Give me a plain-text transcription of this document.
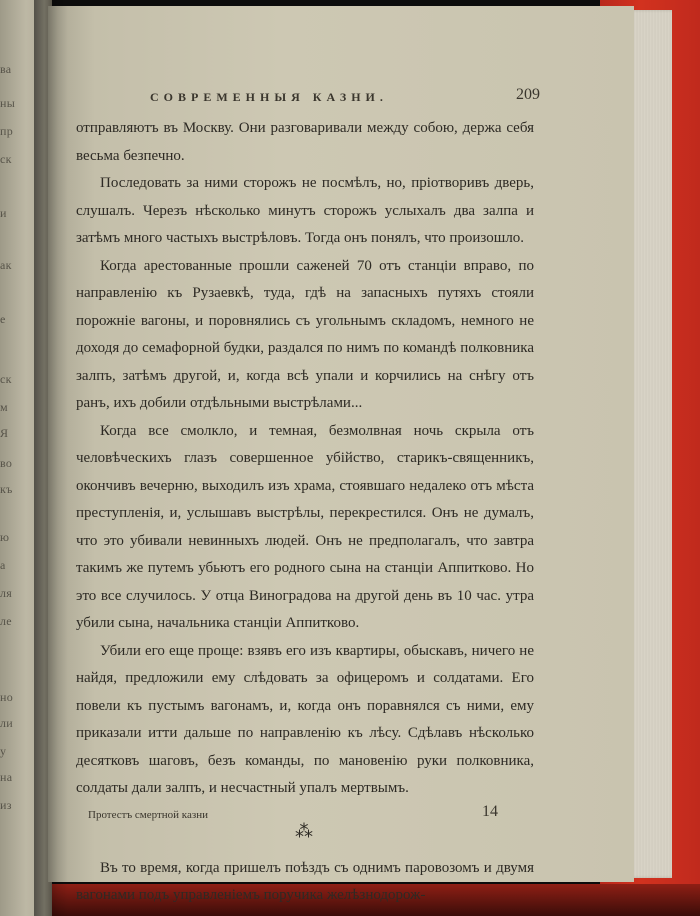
ва
ны
пр
ск
и
ак
е
ск
м
Я
во
къ
ю
а
ля
ле
но
ли
у
на
из
СОВРЕМЕННЫЯ КАЗНИ.	209

отправляютъ въ Москву. Они разговаривали между собою, держа себя весьма безпечно.

Последовать за ними сторожъ не посмѣлъ, но, пріотворивъ дверь, слушалъ. Черезъ нѣсколько минутъ сторожъ услыхалъ два залпа и затѣмъ много частыхъ выстрѣловъ. Тогда онъ понялъ, что произошло.

Когда арестованные прошли саженей 70 отъ станціи вправо, по направленію къ Рузаевкѣ, туда, гдѣ на запасныхъ путяхъ стояли порожніе вагоны, и поровнялись съ угольнымъ складомъ, немного не доходя до семафорной будки, раздался по нимъ по командѣ полковника залпъ, затѣмъ другой, и, когда всѣ упали и корчились на снѣгу отъ ранъ, ихъ добили отдѣльными выстрѣлами...

Когда все смолкло, и темная, безмолвная ночь скрыла отъ человѣческихъ глазъ совершенное убійство, старикъ-священникъ, окончивъ вечерню, выходилъ изъ храма, стоявшаго недалеко отъ мѣста преступленія, и, услышавъ выстрѣлы, перекрестился. Онъ не думалъ, что это убивали невинныхъ людей. Онъ не предполагалъ, что завтра такимъ же путемъ убьютъ его родного сына на станціи Аппитково. Но это все случилось. У отца Виноградова на другой день въ 10 час. утра убили сына, начальника станціи Аппитково.

Убили его еще проще: взявъ его изъ квартиры, обыскавъ, ничего не найдя, предложили ему слѣдовать за офицеромъ и солдатами. Его повели къ пустымъ вагонамъ, и, когда онъ поравнялся съ ними, ему приказали итти дальше по направленію къ лѣсу. Сдѣлавъ нѣсколько десятковъ шаговъ, безъ команды, по мановенію руки полковника, солдаты дали залпъ, и несчастный упалъ мертвымъ.

⁂

Въ то время, когда пришелъ поѣздъ съ однимъ паровозомъ и двумя вагонами подъ управленіемъ поручика желѣзнодорож-

Протестъ смертной казни	14
